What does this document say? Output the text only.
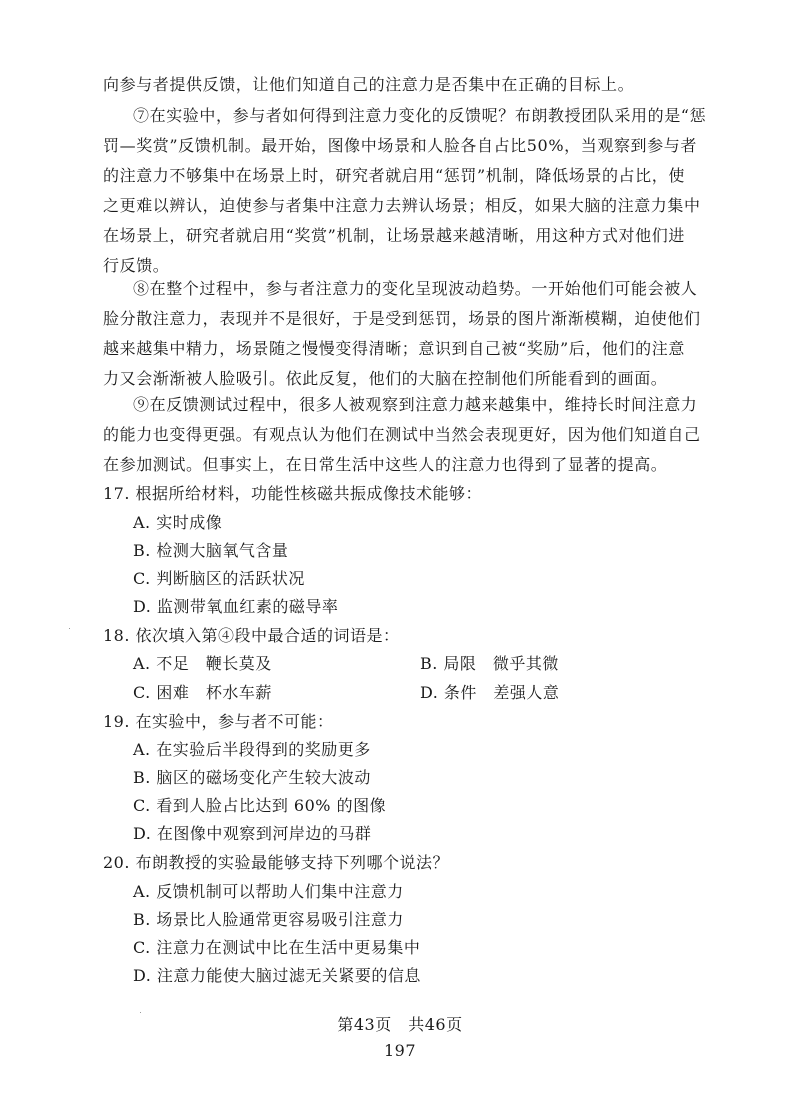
向参与者提供反馈，让他们知道自己的注意力是否集中在正确的目标上。
⑦在实验中，参与者如何得到注意力变化的反馈呢？布朗教授团队采用的是“惩
罚—奖赏”反馈机制。最开始，图像中场景和人脸各自占比50%，当观察到参与者
的注意力不够集中在场景上时，研究者就启用“惩罚”机制，降低场景的占比，使
之更难以辨认，迫使参与者集中注意力去辨认场景；相反，如果大脑的注意力集中
在场景上，研究者就启用“奖赏”机制，让场景越来越清晰，用这种方式对他们进
行反馈。
⑧在整个过程中，参与者注意力的变化呈现波动趋势。一开始他们可能会被人
脸分散注意力，表现并不是很好，于是受到惩罚，场景的图片渐渐模糊，迫使他们
越来越集中精力，场景随之慢慢变得清晰；意识到自己被“奖励”后，他们的注意
力又会渐渐被人脸吸引。依此反复，他们的大脑在控制他们所能看到的画面。
⑨在反馈测试过程中，很多人被观察到注意力越来越集中，维持长时间注意力
的能力也变得更强。有观点认为他们在测试中当然会表现更好，因为他们知道自己
在参加测试。但事实上，在日常生活中这些人的注意力也得到了显著的提高。
17. 根据所给材料，功能性核磁共振成像技术能够：
A. 实时成像
B. 检测大脑氧气含量
C. 判断脑区的活跃状况
D. 监测带氧血红素的磁导率
18. 依次填入第④段中最合适的词语是：
A. 不足　鞭长莫及	B. 局限　微乎其微
C. 困难　杯水车薪	D. 条件　差强人意
19. 在实验中，参与者不可能：
A. 在实验后半段得到的奖励更多
B. 脑区的磁场变化产生较大波动
C. 看到人脸占比达到 60% 的图像
D. 在图像中观察到河岸边的马群
20. 布朗教授的实验最能够支持下列哪个说法？
A. 反馈机制可以帮助人们集中注意力
B. 场景比人脸通常更容易吸引注意力
C. 注意力在测试中比在生活中更易集中
D. 注意力能使大脑过滤无关紧要的信息
第43页　共46页
197
